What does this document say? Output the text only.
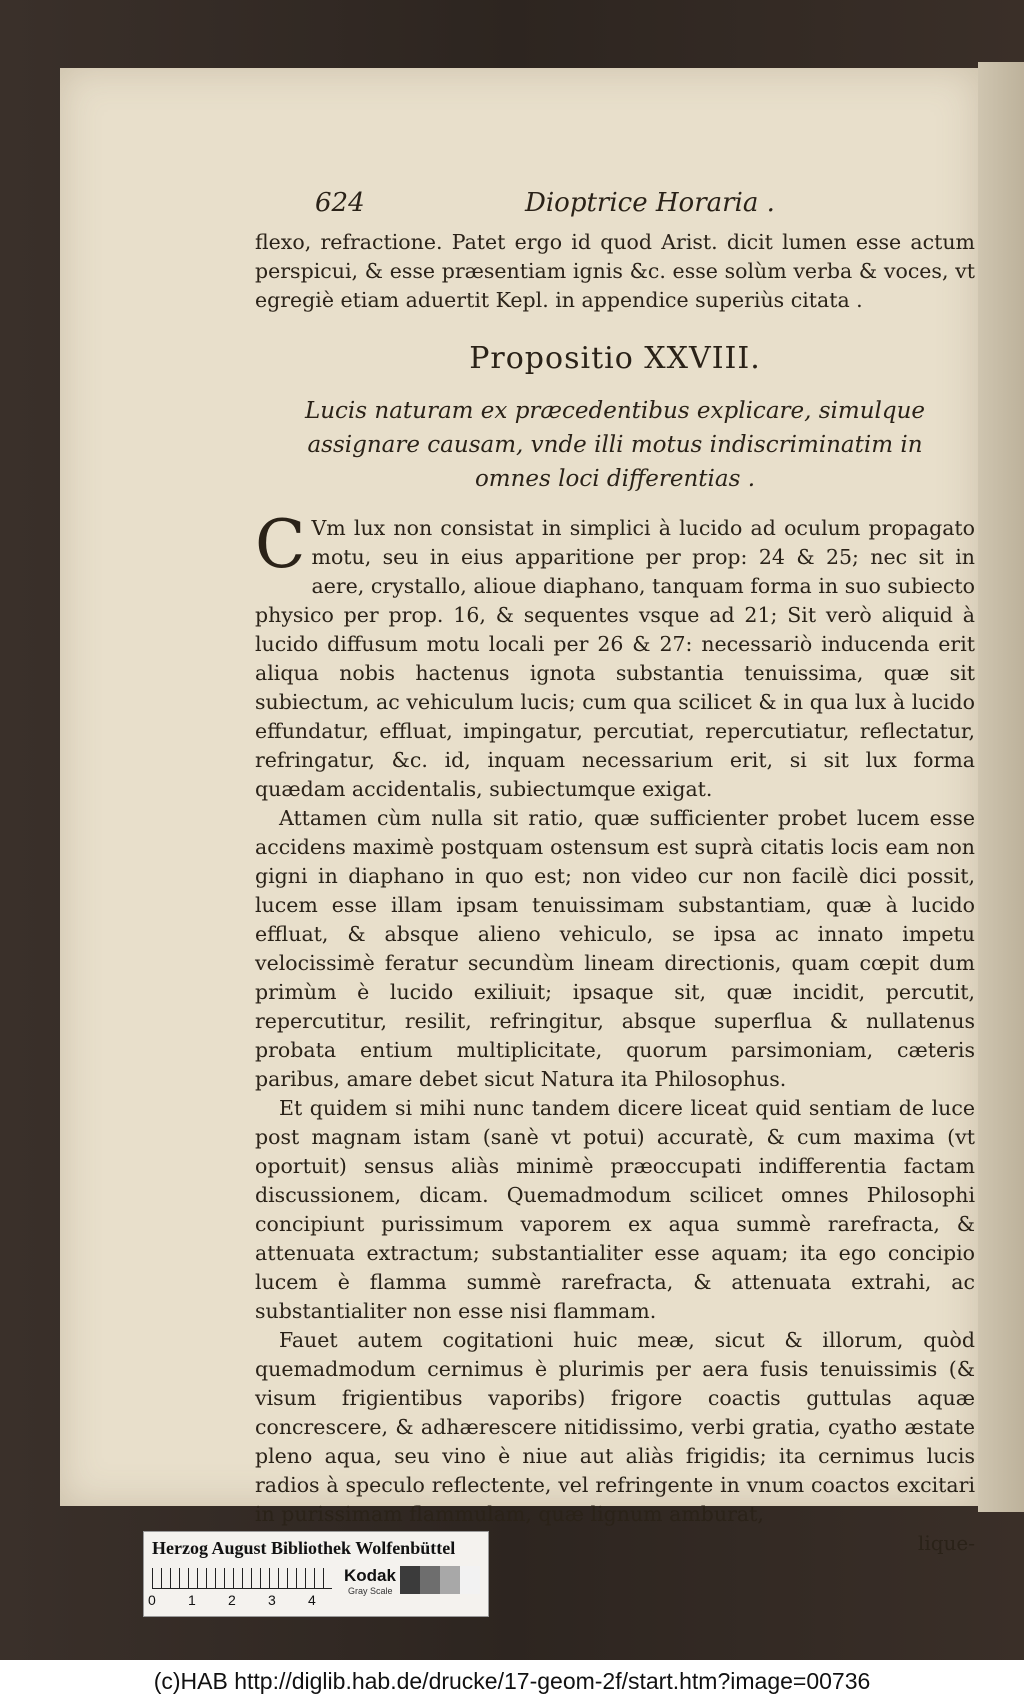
624	Dioptrice Horaria .

flexo, refractione. Patet ergo id quod Arist. dicit lumen esse actum perspicui, & esse præsentiam ignis &c. esse solùm verba & voces, vt egregiè etiam aduertit Kepl. in appendice superiùs citata .

Propositio XXVIII.
Lucis naturam ex præcedentibus explicare, simulque assignare causam, vnde illi motus indiscriminatim in omnes loci differentias .

C Vm lux non consistat in simplici à lucido ad oculum propagato motu, seu in eius apparitione per prop: 24 & 25; nec sit in aere, crystallo, alioue diaphano, tanquam forma in suo subiecto physico per prop. 16, & sequentes vsque ad 21; Sit verò aliquid à lucido diffusum motu locali per 26 & 27: necessariò inducenda erit aliqua nobis hactenus ignota substantia tenuissima, quæ sit subiectum, ac vehiculum lucis; cum qua scilicet & in qua lux à lucido effundatur, effluat, impingatur, percutiat, repercutiatur, reflectatur, refringatur, &c. id, inquam necessarium erit, si sit lux forma quædam accidentalis, subiectumque exigat.

Attamen cùm nulla sit ratio, quæ sufficienter probet lucem esse accidens maximè postquam ostensum est suprà citatis locis eam non gigni in diaphano in quo est; non video cur non facilè dici possit, lucem esse illam ipsam tenuissimam substantiam, quæ à lucido effluat, & absque alieno vehiculo, se ipsa ac innato impetu velocissimè feratur secundùm lineam directionis, quam cœpit dum primùm è lucido exiliuit; ipsaque sit, quæ incidit, percutit, repercutitur, resilit, refringitur, absque superflua & nullatenus probata entium multiplicitate, quorum parsimoniam, cæteris paribus, amare debet sicut Natura ita Philosophus.

Et quidem si mihi nunc tandem dicere liceat quid sentiam de luce post magnam istam (sanè vt potui) accuratè, & cum maxima (vt oportuit) sensus aliàs minimè præoccupati indifferentia factam discussionem, dicam. Quemadmodum scilicet omnes Philosophi concipiunt purissimum vaporem ex aqua summè rarefracta, & attenuata extractum; substantialiter esse aquam; ita ego concipio lucem è flamma summè rarefracta, & attenuata extrahi, ac substantialiter non esse nisi flammam.

Fauet autem cogitationi huic meæ, sicut & illorum, quòd quemadmodum cernimus è plurimis per aera fusis tenuissimis (& visum frigientibus vaporibs) frigore coactis guttulas aquæ concrescere, & adhærescere nitidissimo, verbi gratia, cyatho æstate pleno aqua, seu vino è niue aut aliàs frigidis; ita cernimus lucis radios à speculo reflectente, vel refringente in vnum coactos excitari in purissimam flammulam, quæ lignum amburat,

lique-
Herzog August Bibliothek Wolfenbüttel
0 1 2 3 4
Kodak
Gray Scale
(c)HAB http://diglib.hab.de/drucke/17-geom-2f/start.htm?image=00736
